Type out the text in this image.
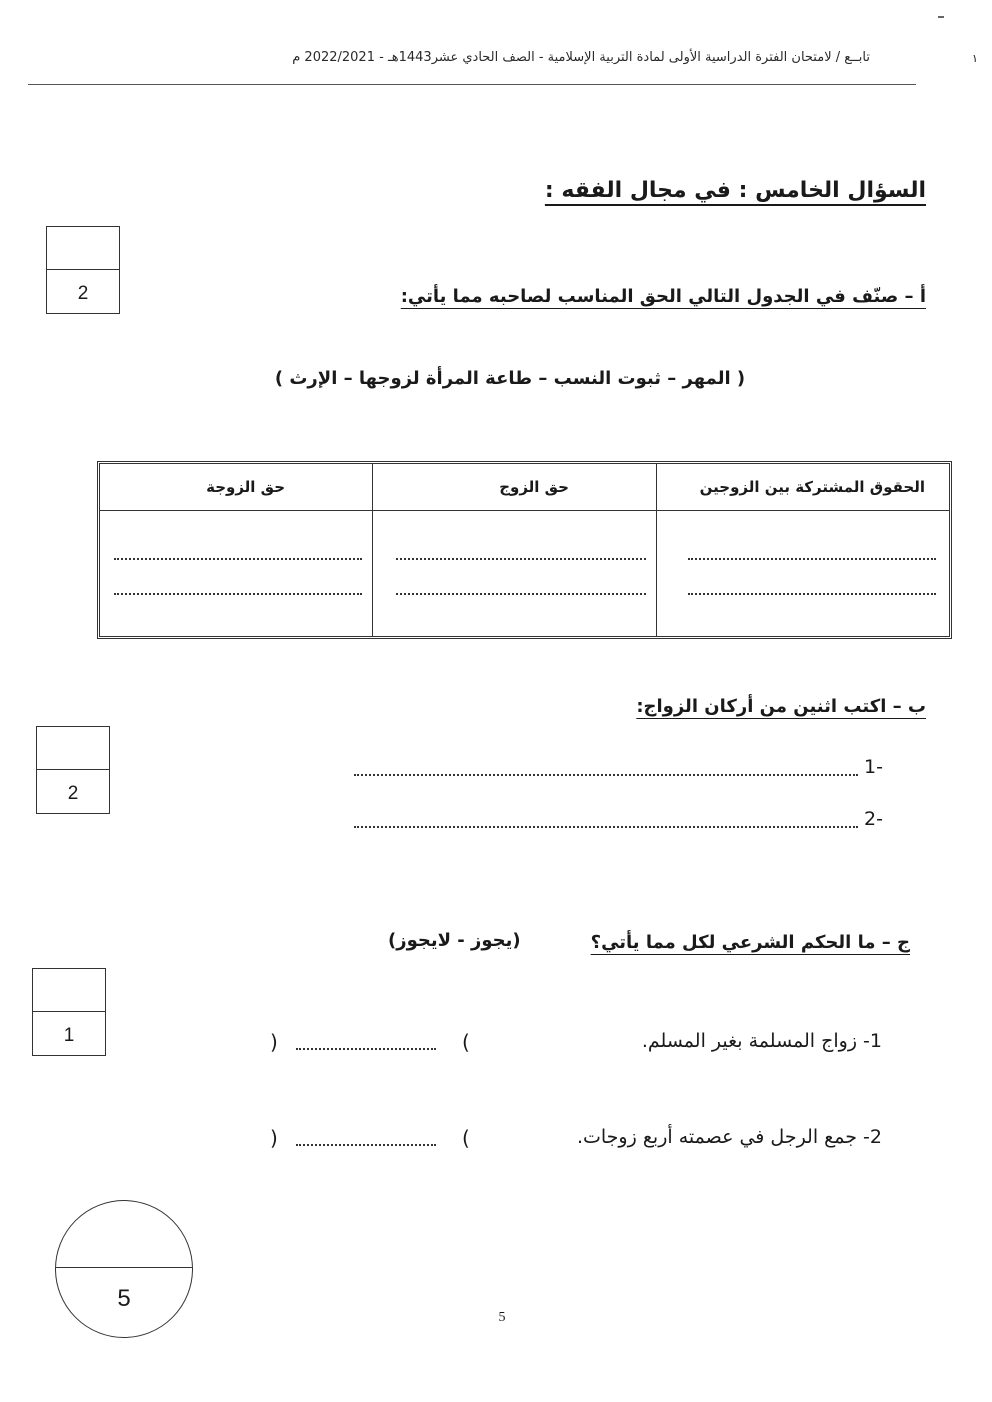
۱
تابــع / لامتحان الفترة الدراسية الأولى لمادة التربية الإسلامية - الصف الحادي عشر1443هـ - 2022/2021 م
السؤال الخامس : في مجال الفقه :
2	أ – صنّف في الجدول التالي الحق المناسب لصاحبه مما يأتي:
( المهر – ثبوت النسب – طاعة المرأة لزوجها – الإرث )
الحقوق المشتركة بين الزوجين
حق الزوج
حق الزوجة
2
ب – اكتب اثنين من أركان الزواج:
1-
2-
1
ج – ما الحكم الشرعي لكل مما يأتي؟
(يجوز - لايجوز)
1- زواج المسلمة بغير المسلم.
(
)
2- جمع الرجل في عصمته أربع زوجات.
(
)
5
5
